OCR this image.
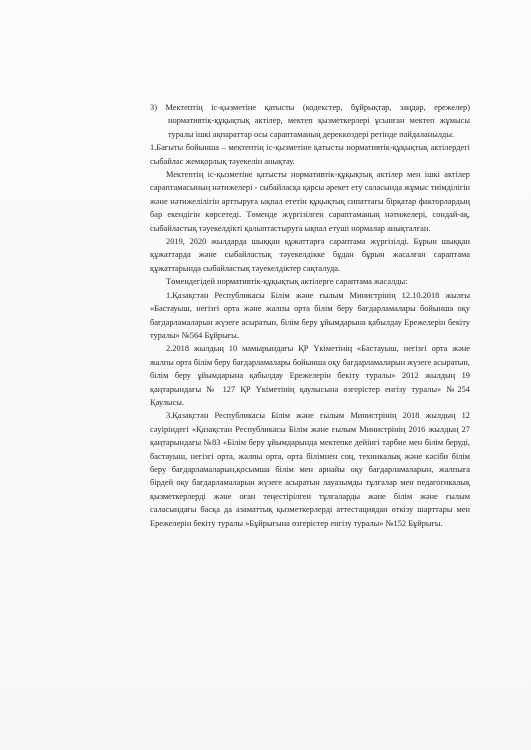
3) Мектептің іс-қызметіне қатысты (кодекстер, бұйрықтар, заңдар, ережелер) нормативтік-құқықтық актілер, мектеп қызметкерлері ұсынған мектеп жұмысы туралы ішкі ақпараттар осы сараптаманың дереккөздері ретінде пайдаланылды.

1.Бағыты бойынша – мектептің іс-қызметіне қатысты нормативтік-құқықтық актілердегі сыбайлас жемқорлық тәуекелін анықтау.

Мектептің іс-қызметіне қатысты нормативтік-құқықтық актілер мен ішкі актілер сараптамасының нәтижелері - сыбайласқа қарсы әрекет ету саласында жұмыс тиімділігін және нәтижелілігін арттыруға ықпал ететін құқықтық сипаттағы бірқатар факторлардың бар екендігін көрсетеді. Төменде жүргізілген сараптаманың нәтижелері, сондай-ақ, сыбайластық тәуекелдікті қалыптастыруға ықпал етуші нормалар анықталған.

2019, 2020 жылдарда шыққан құжаттарға сараптама жүргізілді. Бұрын шыққан құжаттарда және сыбайластық тәуекелдікке бұдан бұрын жасалған сараптама құжаттарында сыбайластық тәуекелдіктер сақталуда.

Төмендегідей нормативтік-құқықтық актілерге сараптама жасалды:

1.Қазақстан Республикасы Білім және ғылым Министрінің 12.10.2018 жылғы «Бастауыш, негізгі орта және жалпы орта білім беру бағдарламалары бойынша оқу бағдарламаларын жүзеге асыратын, білім беру ұйымдарына қабылдау Ережелерін бекіту туралы» №564 Бұйрығы.

2.2018 жылдың 10 мамырындағы ҚР Үкіметінің «Бастауыш, негізгі орта және жалпы орта білім беру бағдарламалары бойынша оқу бағдарламаларын жүзеге асыратын, білім беру ұйымдарына қабылдау Ережелерін бекіту туралы» 2012 жылдың 19 қаңтарындағы № 127 ҚР Үкіметінің қаулысына өзгерістер енгізу туралы» №254 Қаулысы.

3.Қазақстан Республикасы Білім және ғылым Министрінің 2018 жылдың 12 сәуіріндегі «Қазақстан Республикасы Білім және ғылым Министрінің 2016 жылдың 27 қаңтарындағы №83 «Білім беру ұйымдарында мектепке дейінгі тәрбие мен білім беруді, бастауыш, негізгі орта, жалпы орта, орта білімнен соң, техникалық және кәсіби білім беру бағдарламаларын,қосымша білім мен арнайы оқу бағдарламаларын, жалпыға бірдей оқу бағдарламаларын жүзеге асыратын лауазымды тұлғалар мен педагогикалық қызметкерлерді және оған теңестірілген тұлғаларды және білім және ғылым саласындағы басқа да азаматтық қызметкерлерді аттестациядан өткізу шарттары мен Ережелерін бекіту туралы »Бұйрығына өзгерістер енгізу туралы» №152 Бұйрығы.
